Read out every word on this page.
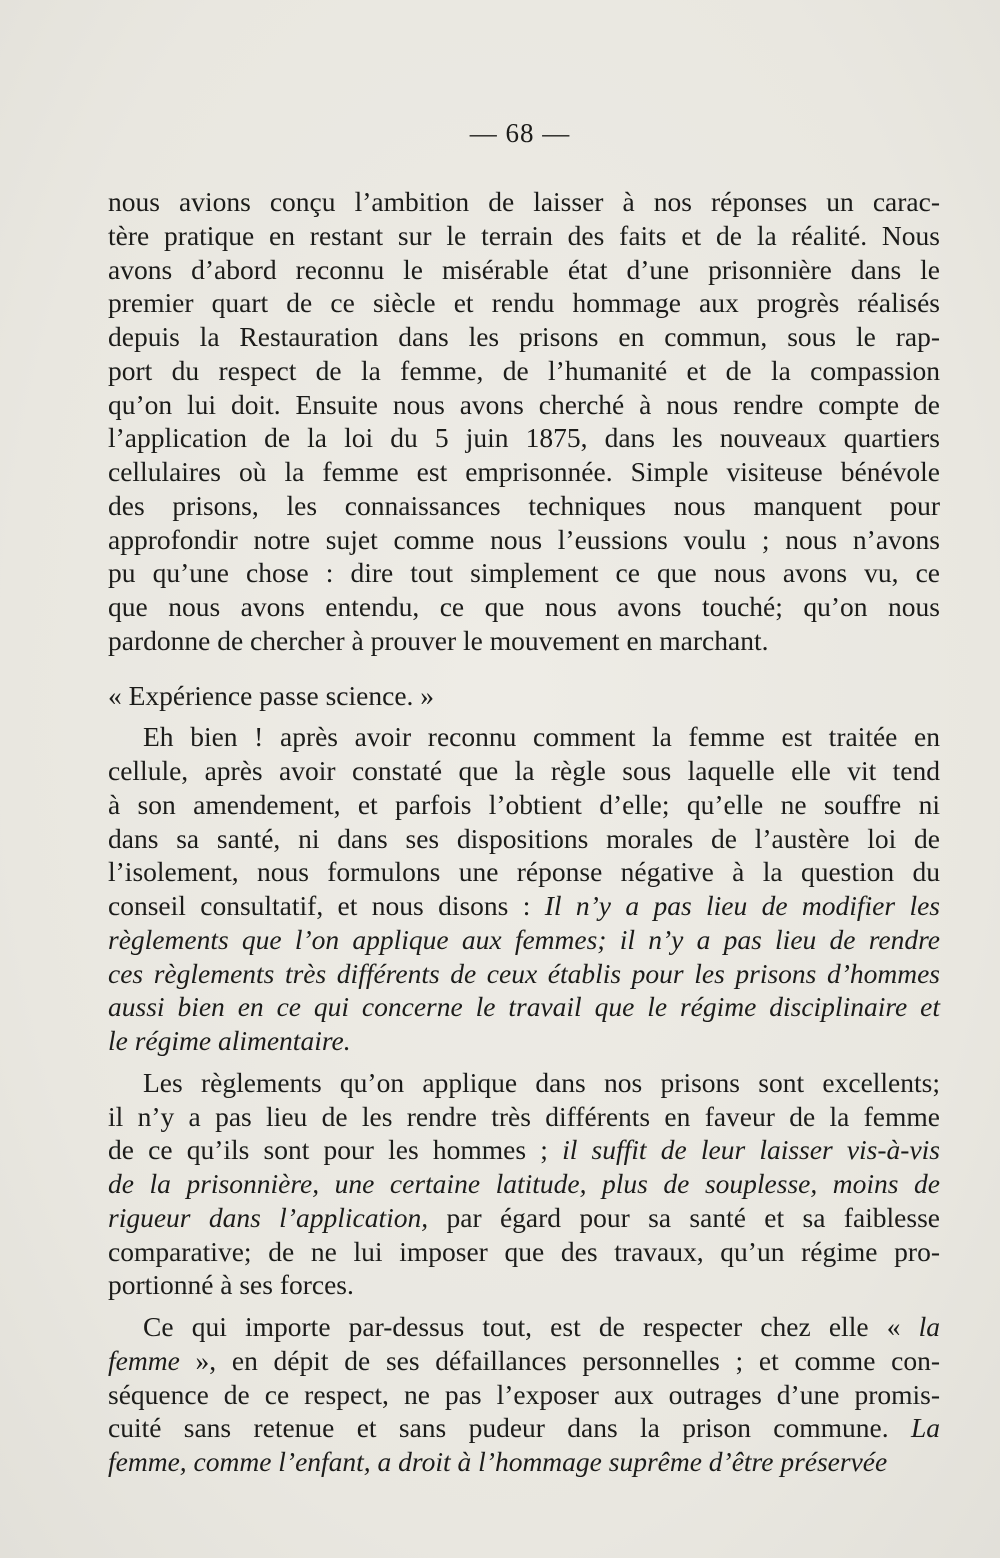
— 68 —
nous avions conçu l’ambition de laisser à nos réponses un carac-
tère pratique en restant sur le terrain des faits et de la réalité. Nous
avons d’abord reconnu le misérable état d’une prisonnière dans le
premier quart de ce siècle et rendu hommage aux progrès réalisés
depuis la Restauration dans les prisons en commun, sous le rap-
port du respect de la femme, de l’humanité et de la compassion
qu’on lui doit. Ensuite nous avons cherché à nous rendre compte de
l’application de la loi du 5 juin 1875, dans les nouveaux quartiers
cellulaires où la femme est emprisonnée. Simple visiteuse bénévole
des prisons, les connaissances techniques nous manquent pour
approfondir notre sujet comme nous l’eussions voulu ; nous n’avons
pu qu’une chose : dire tout simplement ce que nous avons vu, ce
que nous avons entendu, ce que nous avons touché; qu’on nous
pardonne de chercher à prouver le mouvement en marchant.
« Expérience passe science. »
Eh bien ! après avoir reconnu comment la femme est traitée en
cellule, après avoir constaté que la règle sous laquelle elle vit tend
à son amendement, et parfois l’obtient d’elle; qu’elle ne souffre ni
dans sa santé, ni dans ses dispositions morales de l’austère loi de
l’isolement, nous formulons une réponse négative à la question du
conseil consultatif, et nous disons : Il n’y a pas lieu de modifier les
règlements que l’on applique aux femmes; il n’y a pas lieu de rendre
ces règlements très différents de ceux établis pour les prisons d’hommes
aussi bien en ce qui concerne le travail que le régime disciplinaire et
le régime alimentaire.
Les règlements qu’on applique dans nos prisons sont excellents;
il n’y a pas lieu de les rendre très différents en faveur de la femme
de ce qu’ils sont pour les hommes ; il suffit de leur laisser vis-à-vis
de la prisonnière, une certaine latitude, plus de souplesse, moins de
rigueur dans l’application, par égard pour sa santé et sa faiblesse
comparative; de ne lui imposer que des travaux, qu’un régime pro-
portionné à ses forces.
Ce qui importe par-dessus tout, est de respecter chez elle « la
femme », en dépit de ses défaillances personnelles ; et comme con-
séquence de ce respect, ne pas l’exposer aux outrages d’une promis-
cuité sans retenue et sans pudeur dans la prison commune. La
femme, comme l’enfant, a droit à l’hommage suprême d’être préservée
